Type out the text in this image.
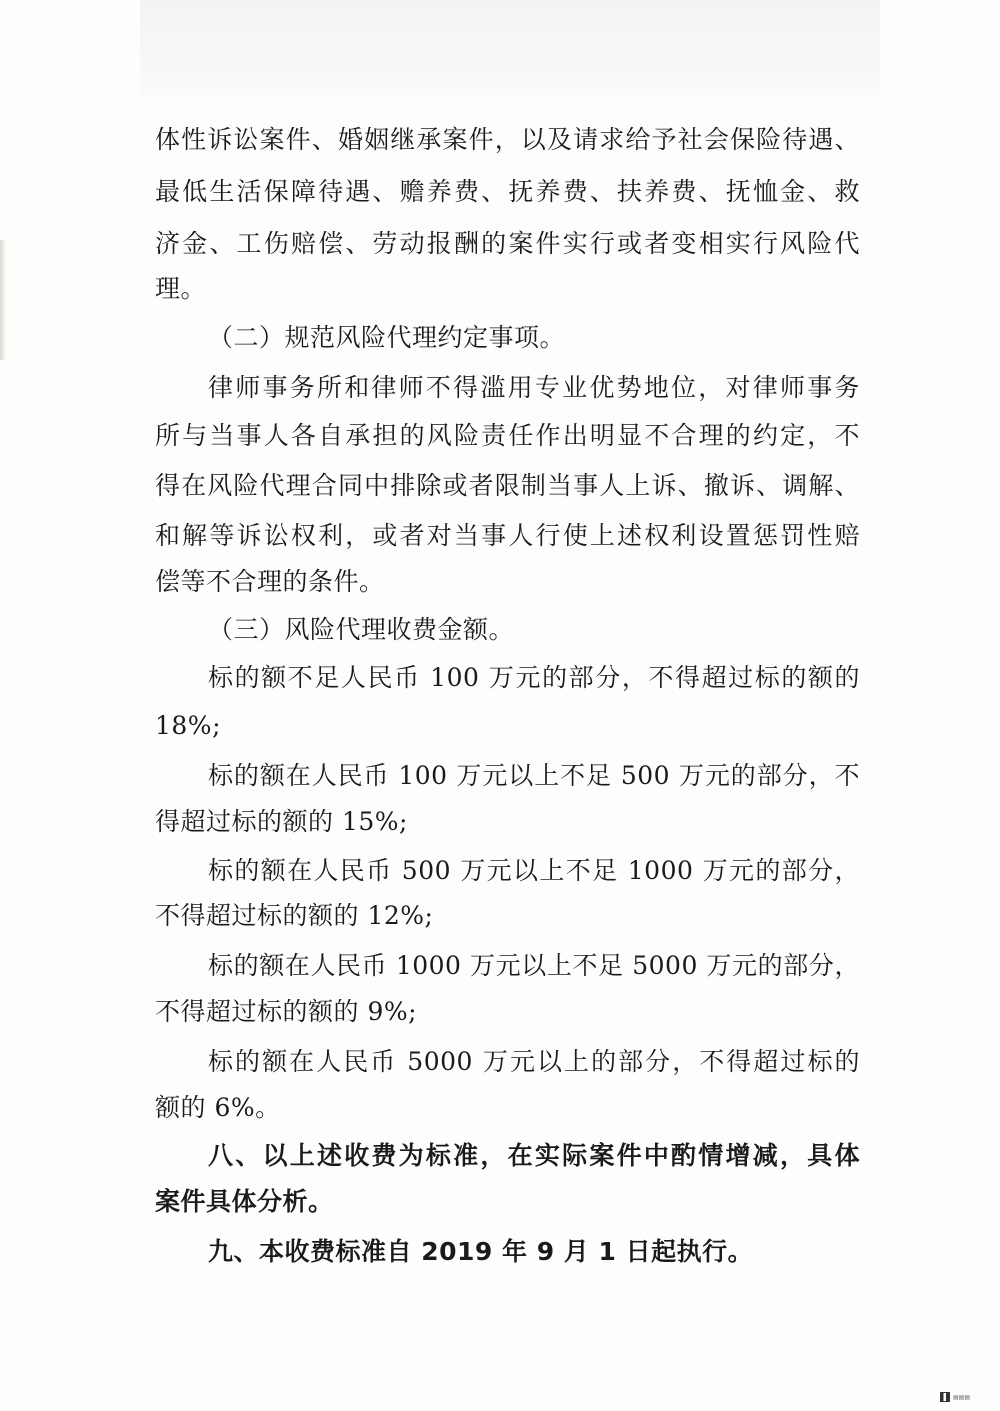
体性诉讼案件、婚姻继承案件，以及请求给予社会保险待遇、
最低生活保障待遇、赡养费、抚养费、扶养费、抚恤金、救
济金、工伤赔偿、劳动报酬的案件实行或者变相实行风险代
理。
（二）规范风险代理约定事项。
律师事务所和律师不得滥用专业优势地位，对律师事务
所与当事人各自承担的风险责任作出明显不合理的约定，不
得在风险代理合同中排除或者限制当事人上诉、撤诉、调解、
和解等诉讼权利，或者对当事人行使上述权利设置惩罚性赔
偿等不合理的条件。
（三）风险代理收费金额。
标的额不足人民币 100 万元的部分，不得超过标的额的
18%;
标的额在人民币 100 万元以上不足 500 万元的部分，不
得超过标的额的 15%;
标的额在人民币 500 万元以上不足 1000 万元的部分，
不得超过标的额的 12%;
标的额在人民币 1000 万元以上不足 5000 万元的部分，
不得超过标的额的 9%;
标的额在人民币 5000 万元以上的部分，不得超过标的
额的 6%。
八、以上述收费为标准，在实际案件中酌情增减，具体
案件具体分析。
九、本收费标准自 2019 年 9 月 1 日起执行。
▤▤▤
